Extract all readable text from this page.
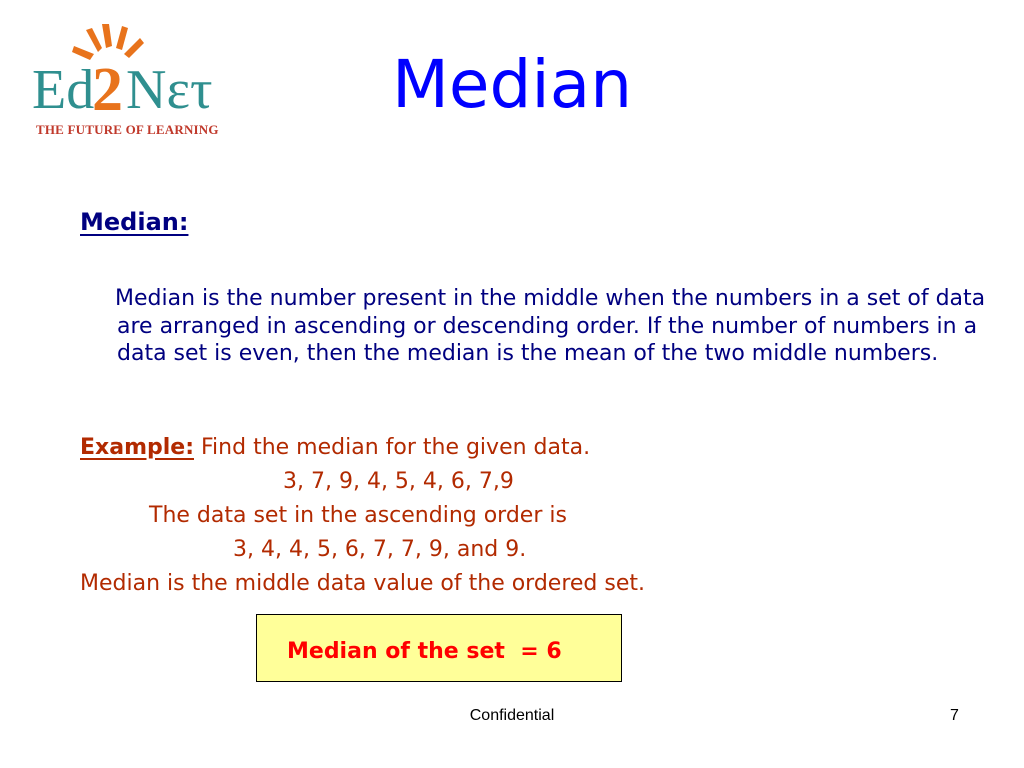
Ed
2 Nετ
THE FUTURE OF LEARNING
Median
Median:

Median is the number present in the middle when the numbers in a set of data are arranged in ascending or descending order. If the number of numbers in a data set is even, then the median is the mean of the two middle numbers.

Example: Find the median for the given data.
3, 7, 9, 4, 5, 4, 6, 7,9
The data set in the ascending order is
3, 4, 4, 5, 6, 7, 7, 9, and 9.
Median is the middle data value of the ordered set.
Median of the set  = 6
Confidential	7
